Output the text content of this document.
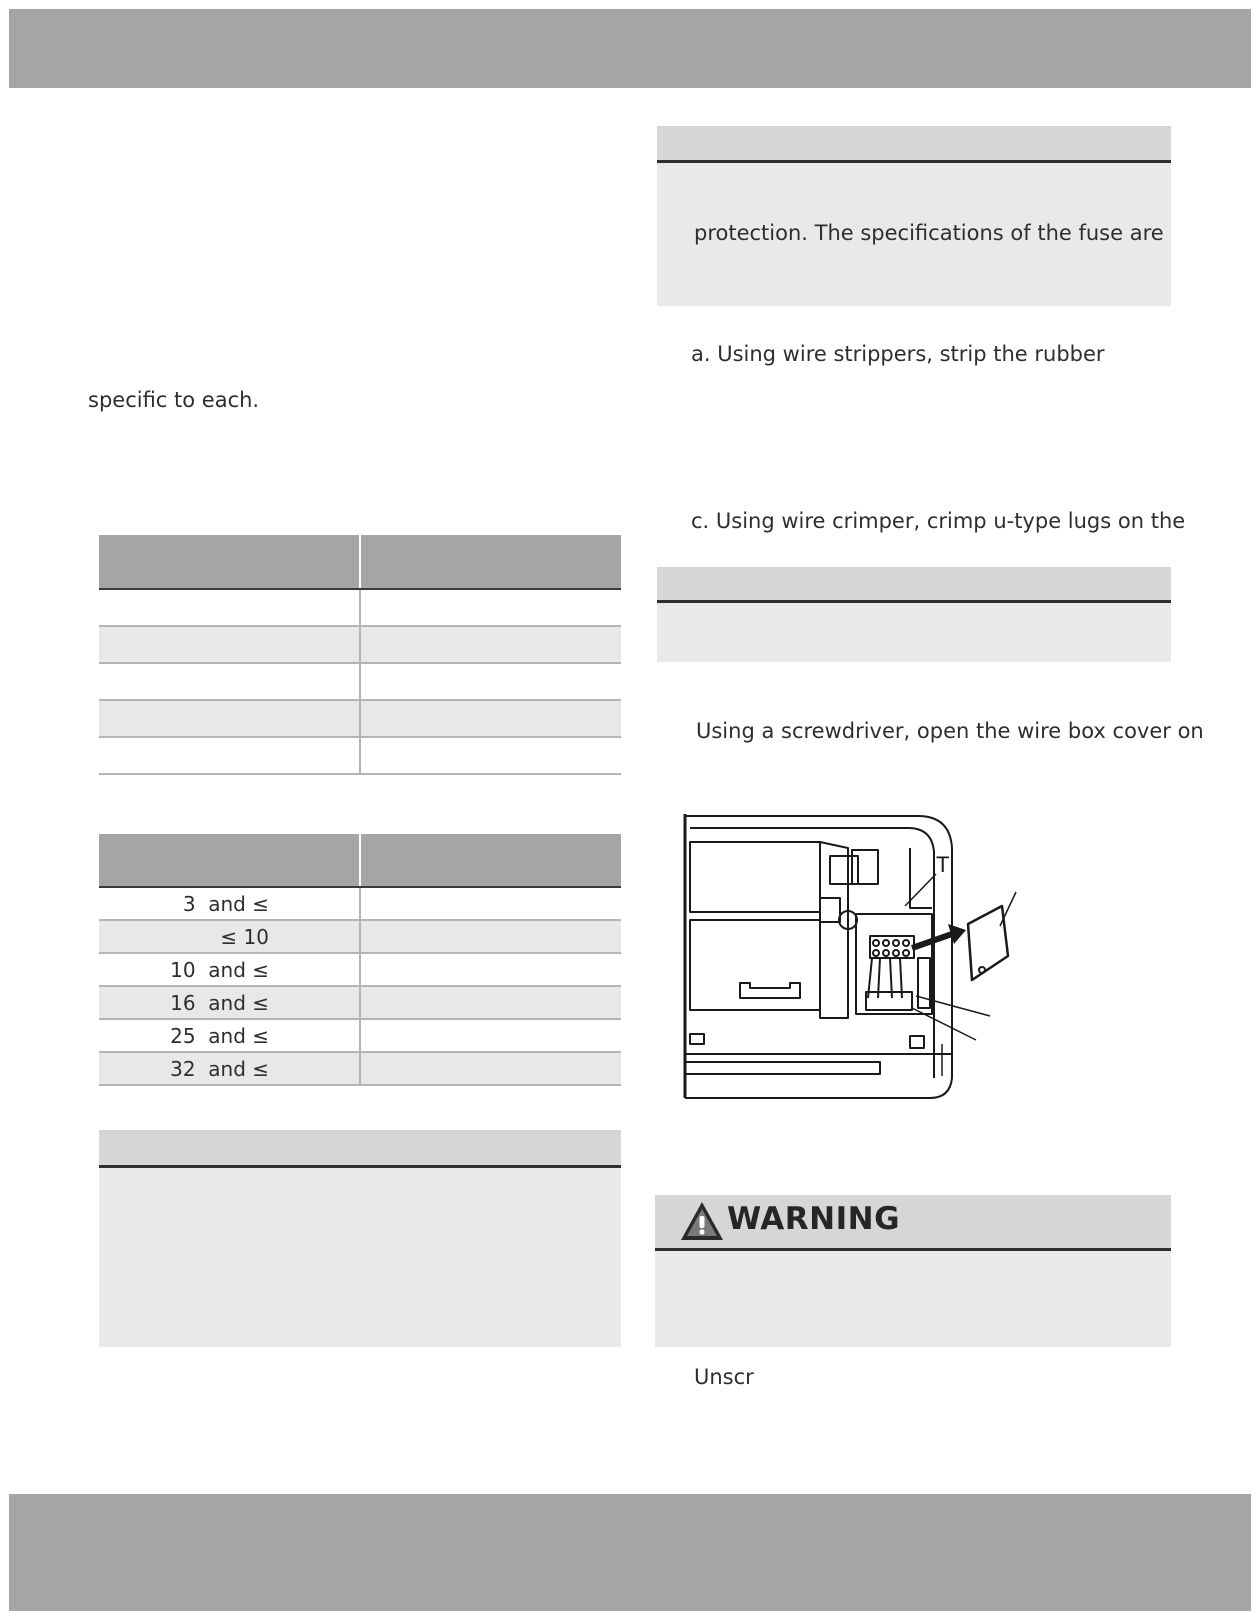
specific to each.
3  and ≤
≤ 10
10  and ≤
16  and ≤
25  and ≤
32  and ≤
protection. The specifications of the fuse are
a. Using wire strippers, strip the rubber
c. Using wire crimper, crimp u-type lugs on the
Using a screwdriver, open the wire box cover on
T
WARNING
Unscr
